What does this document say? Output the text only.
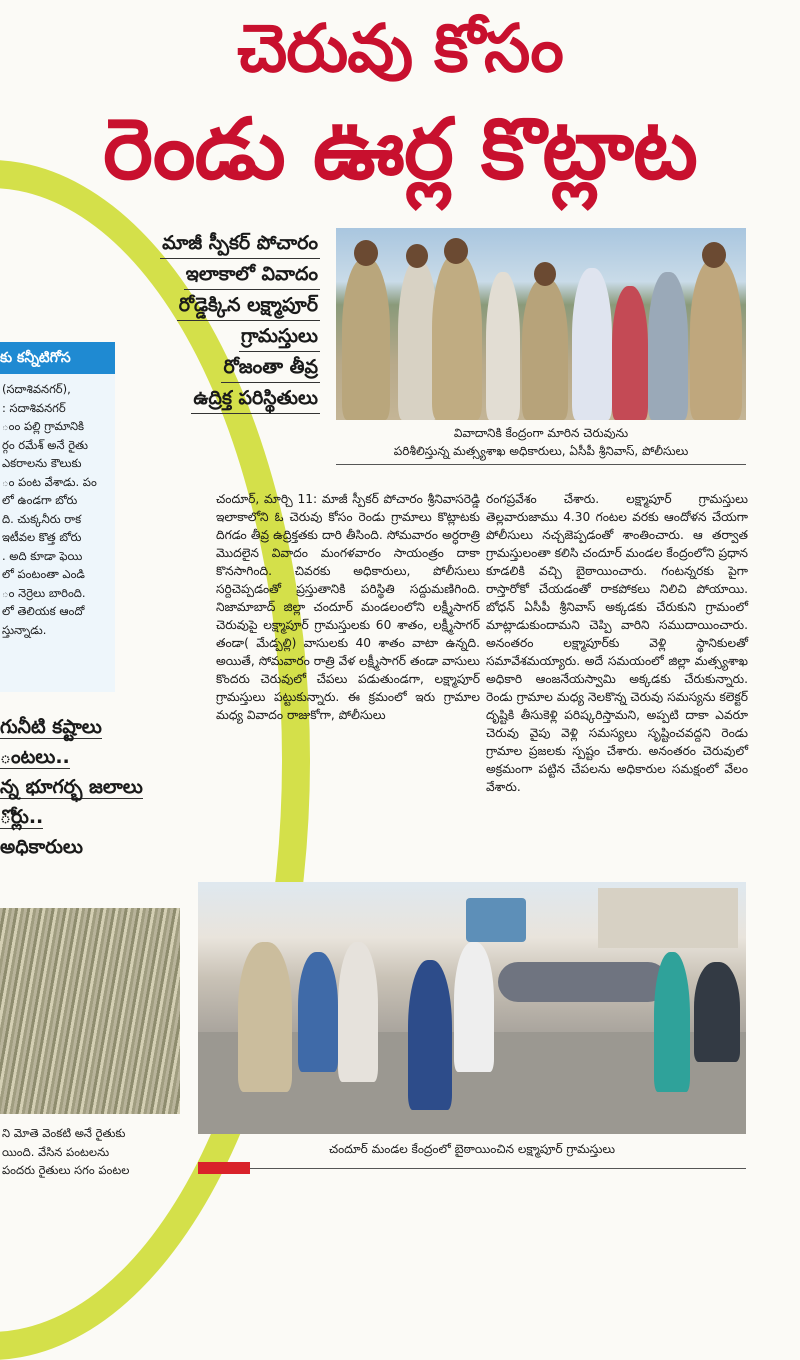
చెరువు కోసం
రెండు ఊర్ల కొట్లాట
మాజీ స్పీకర్ పోచారం
ఇలాకాలో వివాదం
రోడ్డెక్కిన లక్ష్మాపూర్
గ్రామస్తులు
రోజంతా తీవ్ర
ఉద్రిక్త పరిస్థితులు
వివాదానికి కేంద్రంగా మారిన చెరువును
పరిశీలిస్తున్న మత్స్యశాఖ అధికారులు, ఏసీపీ శ్రీనివాస్, పోలీసులు
చందూర్, మార్చి 11: మాజీ స్పీకర్ పోచారం శ్రీనివాసరెడ్డి ఇలాకాలోని ఓ చెరువు కోసం రెండు గ్రామాలు కొట్లాటకు దిగడం తీవ్ర ఉద్రిక్తతకు దారి తీసింది. సోమవారం అర్ధరాత్రి మొదలైన వివాదం మంగళవారం సాయంత్రం దాకా కొనసాగింది. చివరకు అధికారులు, పోలీసులు సర్దిచెప్పడంతో ప్రస్తుతానికి పరిస్థితి సద్దుమణిగింది. నిజామాబాద్ జిల్లా చందూర్ మండలంలోని లక్ష్మీసాగర్ చెరువుపై లక్ష్మాపూర్ గ్రామస్తులకు 60 శాతం, లక్ష్మీసాగర్ తండా( మేడ్పల్లి) వాసులకు 40 శాతం వాటా ఉన్నది. అయితే, సోమవారం రాత్రి వేళ లక్ష్మీసాగర్ తండా వాసులు కొందరు చెరువులో చేపలు పడుతుండగా, లక్ష్మాపూర్ గ్రామస్తులు పట్టుకున్నారు. ఈ క్రమంలో ఇరు గ్రామాల మధ్య వివాదం రాజుకోగా, పోలీసులు
రంగప్రవేశం చేశారు. లక్ష్మాపూర్ గ్రామస్తులు తెల్లవారుజాము 4.30 గంటల వరకు ఆందోళన చేయగా పోలీసులు నచ్చజెప్పడంతో శాంతించారు. ఆ తర్వాత గ్రామస్తులంతా కలిసి చందూర్ మండల కేంద్రంలోని ప్రధాన కూడలికి వచ్చి బైఠాయించారు. గంటన్నరకు పైగా రాస్తారోకో చేయడంతో రాకపోకలు నిలిచి పోయాయి. బోధన్ ఏసీపీ శ్రీనివాస్ అక్కడకు చేరుకుని గ్రామంలో మాట్లాడుకుందామని చెప్పి వారిని సముదాయించారు. అనంతరం లక్ష్మాపూర్‌కు వెళ్లి స్థానికులతో సమావేశమయ్యారు. అదే సమయంలో జిల్లా మత్స్యశాఖ అధికారి ఆంజనేయస్వామి అక్కడకు చేరుకున్నారు. రెండు గ్రామాల మధ్య నెలకొన్న చెరువు సమస్యను కలెక్టర్ దృష్టికి తీసుకెళ్లి పరిష్కరిస్తామని, అప్పటి దాకా ఎవరూ చెరువు వైపు వెళ్లి సమస్యలు సృష్టించవద్దని రెండు గ్రామాల ప్రజలకు స్పష్టం చేశారు. అనంతరం చెరువులో అక్రమంగా పట్టిన చేపలను అధికారుల సమక్షంలో వేలం వేశారు.
చందూర్ మండల కేంద్రంలో బైఠాయించిన లక్ష్మాపూర్ గ్రామస్తులు
కు కన్నీటిగోస
(సదాశివనగర్),
: సదాశివనగర్
ంం పల్లి గ్రామానికి
ర్గం రమేశ్ అనే రైతు
ఎకరాలను కౌలుకు
ం పంట వేశాడు. పం
లో ఉండగా బోరు
ది. చుక్కనీరు రాక
ఇటీవల కొత్త బోరు
. అది కూడా ఫెయి
లో పంటంతా ఎండి
ం నెర్రెలు బారింది.
లో తెలియక ఆందో
స్తున్నాడు.
గునీటి కష్టాలు
ంటలు..
న్న భూగర్భ జలాలు
ోర్లు..
అధికారులు
ని మోతె వెంకటి అనే రైతుకు
యింది. వేసిన పంటలను
పందరు రైతులు సగం పంటల
